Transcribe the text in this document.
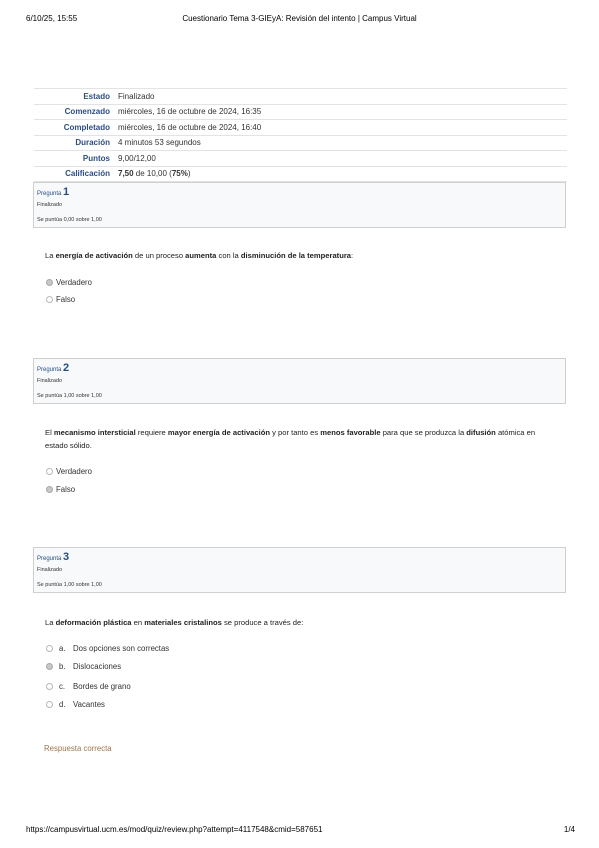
6/10/25, 15:55	Cuestionario Tema 3-GIEyA: Revisión del intento | Campus Virtual
Estado	Finalizado
Comenzado	miércoles, 16 de octubre de 2024, 16:35
Completado	miércoles, 16 de octubre de 2024, 16:40
Duración	4 minutos 53 segundos
Puntos	9,00/12,00
Calificación	7,50 de 10,00 (75%)
Pregunta 1
Finalizado
Se puntúa 0,00 sobre 1,00
La energía de activación de un proceso aumenta con la disminución de la temperatura:
Verdadero
Falso
Pregunta 2
Finalizado
Se puntúa 1,00 sobre 1,00
El mecanismo intersticial requiere mayor energía de activación y por tanto es menos favorable para que se produzca la difusión atómica en estado sólido.
Verdadero
Falso
Pregunta 3
Finalizado
Se puntúa 1,00 sobre 1,00
La deformación plástica en materiales cristalinos se produce a través de:
a. Dos opciones son correctas
b. Dislocaciones
c. Bordes de grano
d. Vacantes
Respuesta correcta
https://campusvirtual.ucm.es/mod/quiz/review.php?attempt=4117548&cmid=587651	1/4
